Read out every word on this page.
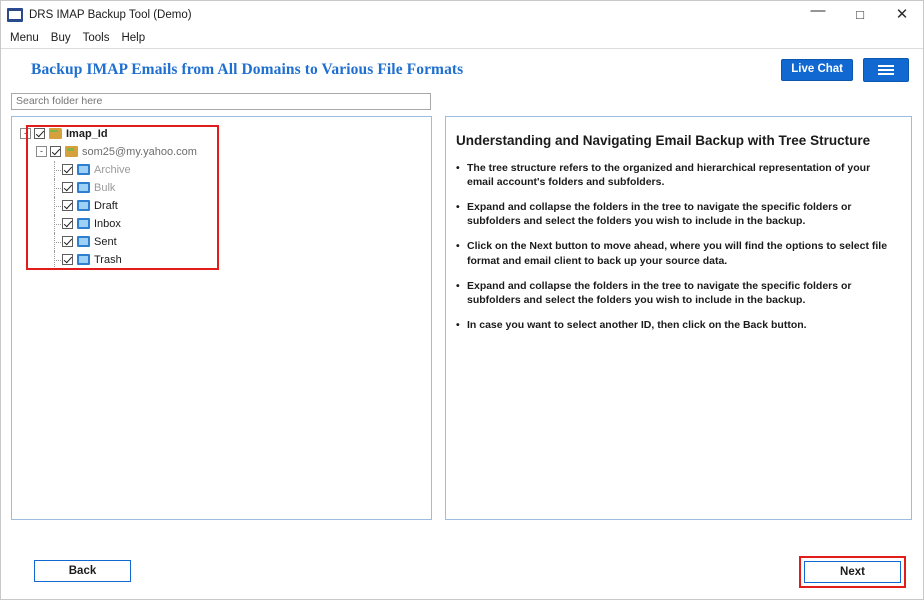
DRS IMAP Backup Tool (Demo)	— □ ✕
Menu	Buy	Tools	Help
Backup IMAP Emails from All Domains to Various File Formats	Live Chat
Search folder here
-	Imap_Id
-	som25@my.yahoo.com
Archive
Bulk
Draft
Inbox
Sent
Trash
Understanding and Navigating Email Backup with Tree Structure
• The tree structure refers to the organized and hierarchical representation of your email account's folders and subfolders.
• Expand and collapse the folders in the tree to navigate the specific folders or subfolders and select the folders you wish to include in the backup.
• Click on the Next button to move ahead, where you will find the options to select file format and email client to back up your source data.
• Expand and collapse the folders in the tree to navigate the specific folders or subfolders and select the folders you wish to include in the backup.
• In case you want to select another ID, then click on the Back button.
Back	Next
